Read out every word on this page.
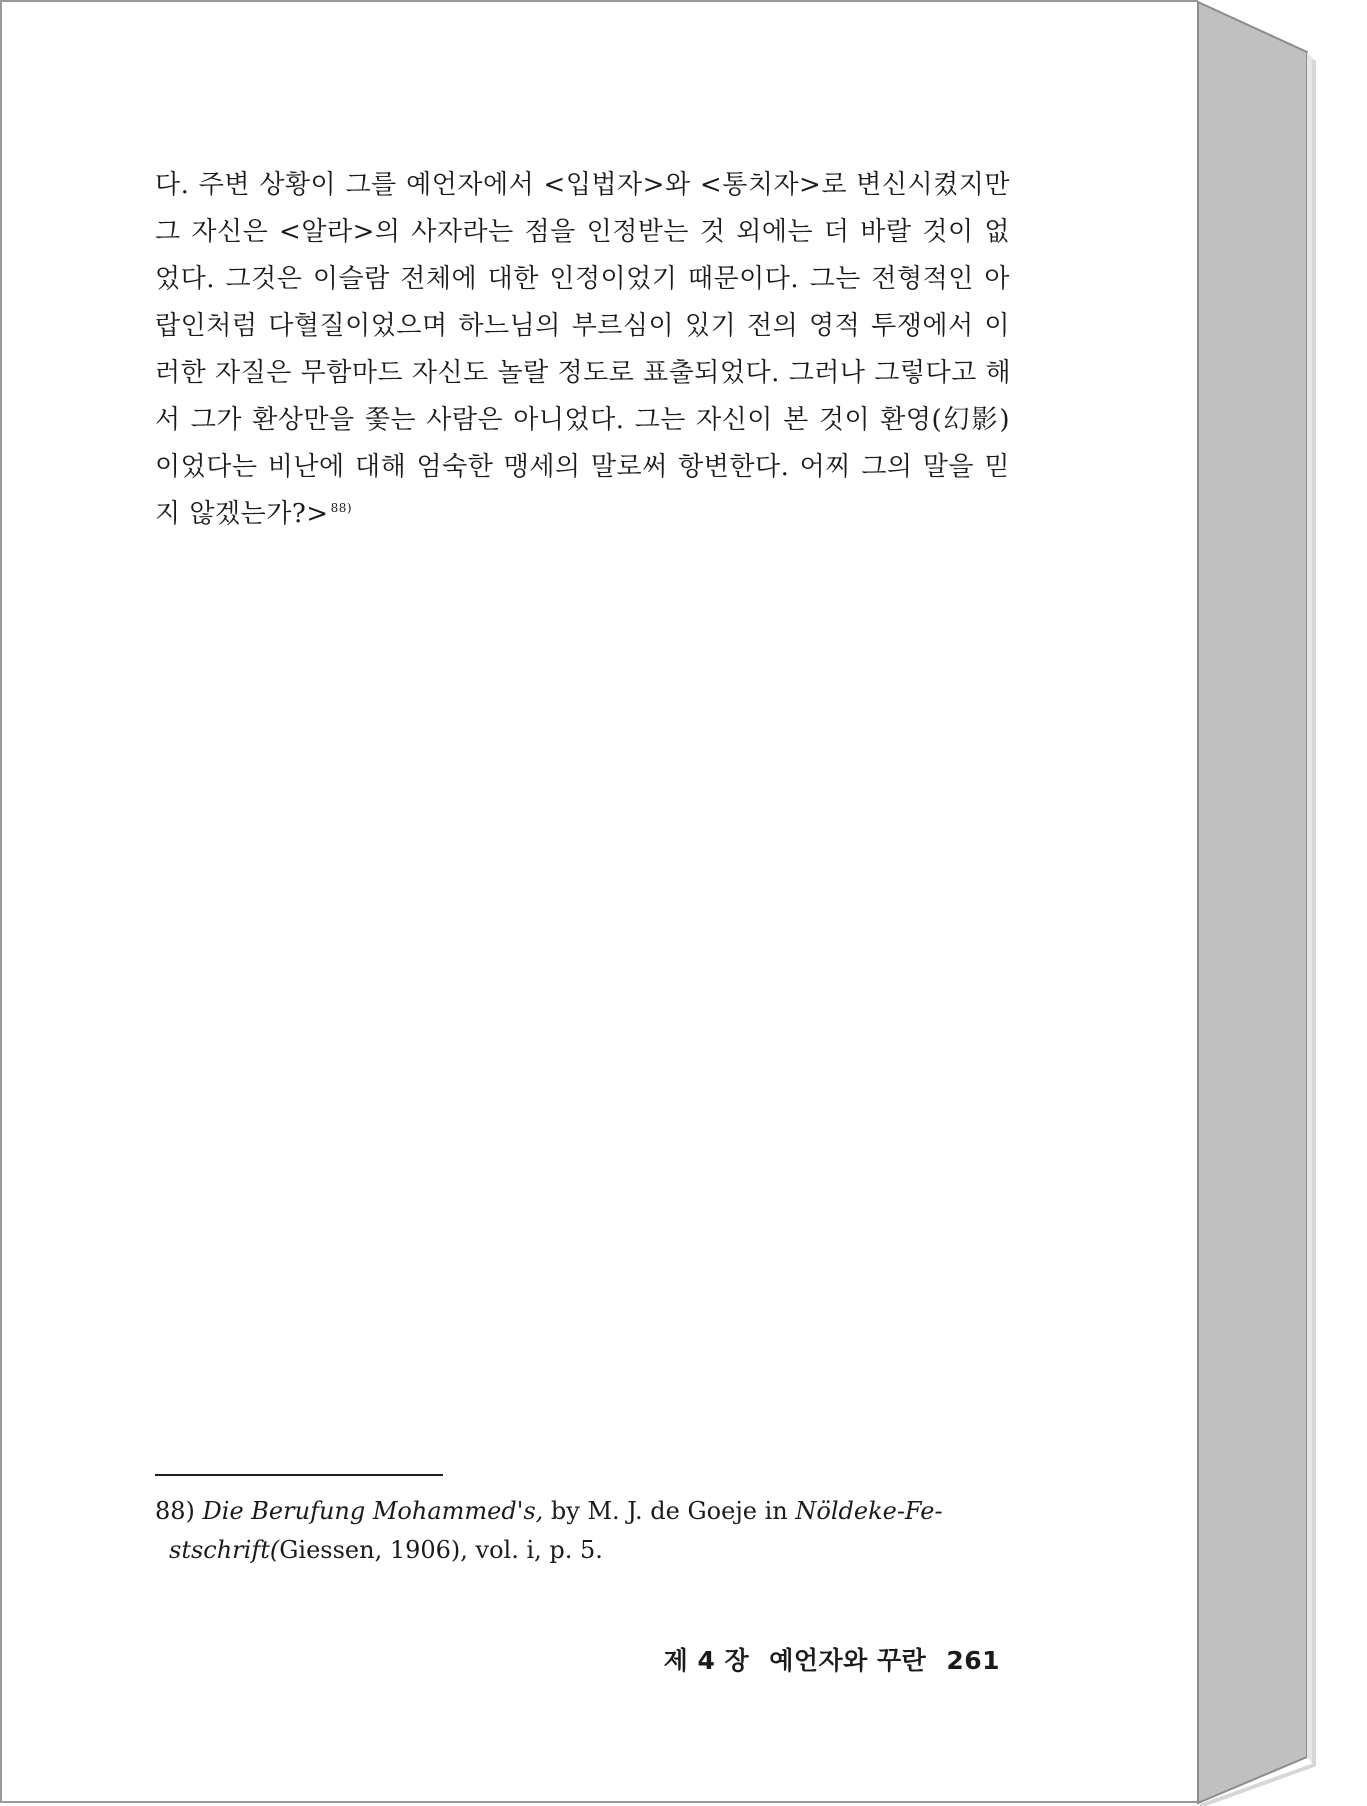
다. 주변 상황이 그를 예언자에서 <입법자>와 <통치자>로 변신시켰지만
그 자신은 <알라>의 사자라는 점을 인정받는 것 외에는 더 바랄 것이 없
었다. 그것은 이슬람 전체에 대한 인정이었기 때문이다. 그는 전형적인 아
랍인처럼 다혈질이었으며 하느님의 부르심이 있기 전의 영적 투쟁에서 이
러한 자질은 무함마드 자신도 놀랄 정도로 표출되었다. 그러나 그렇다고 해
서 그가 환상만을 쫓는 사람은 아니었다. 그는 자신이 본 것이 환영(幻影)
이었다는 비난에 대해 엄숙한 맹세의 말로써 항변한다. 어찌 그의 말을 믿
지 않겠는가?> $^{88)}$
88) Die Berufung Mohammed's, by M. J. de Goeje in Nöldeke-Fe-
stschrift(Giessen, 1906), vol. i, p. 5.
제 4 장 예언자와 꾸란 261
